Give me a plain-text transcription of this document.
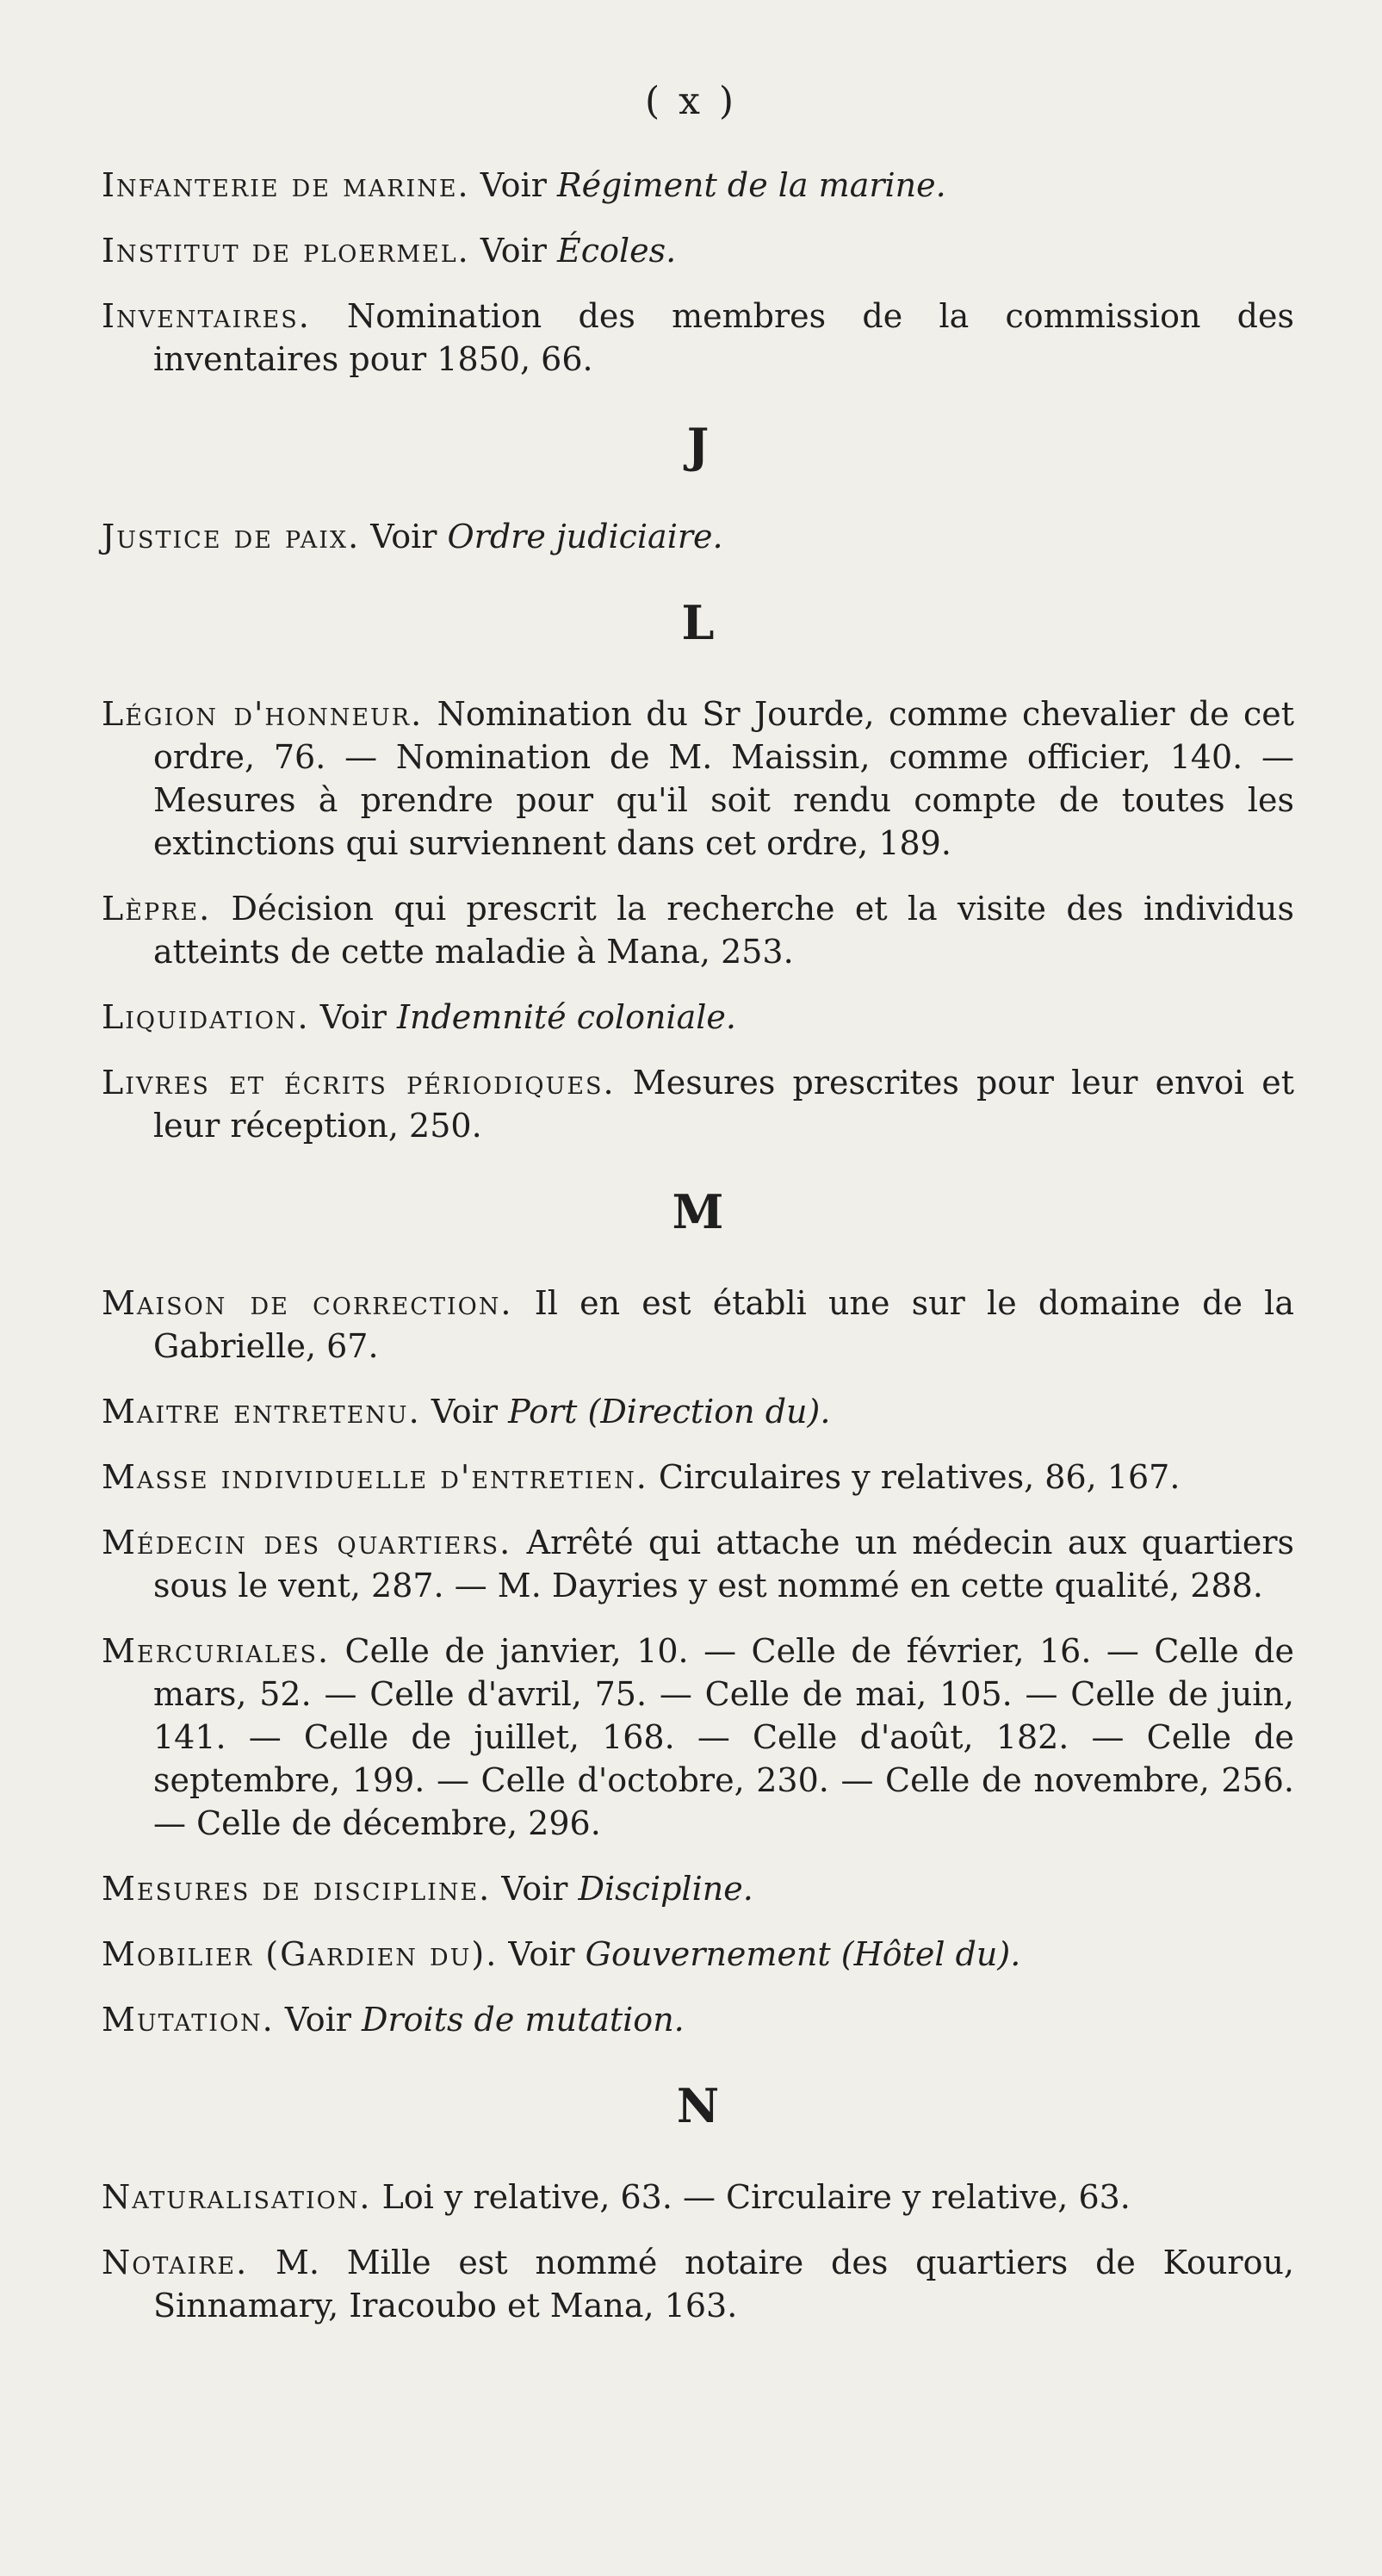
( x )

Infanterie de marine. Voir Régiment de la marine.

Institut de ploermel. Voir Écoles.

Inventaires. Nomination des membres de la commission des inventaires pour 1850, 66.

J

Justice de paix. Voir Ordre judiciaire.

L

Légion d'honneur. Nomination du Sr Jourde, comme chevalier de cet ordre, 76. — Nomination de M. Maissin, comme officier, 140. — Mesures à prendre pour qu'il soit rendu compte de toutes les extinctions qui surviennent dans cet ordre, 189.

Lèpre. Décision qui prescrit la recherche et la visite des individus atteints de cette maladie à Mana, 253.

Liquidation. Voir Indemnité coloniale.

Livres et écrits périodiques. Mesures prescrites pour leur envoi et leur réception, 250.

M

Maison de correction. Il en est établi une sur le domaine de la Gabrielle, 67.

Maitre entretenu. Voir Port (Direction du).

Masse individuelle d'entretien. Circulaires y relatives, 86, 167.

Médecin des quartiers. Arrêté qui attache un médecin aux quartiers sous le vent, 287. — M. Dayries y est nommé en cette qualité, 288.

Mercuriales. Celle de janvier, 10. — Celle de février, 16. — Celle de mars, 52. — Celle d'avril, 75. — Celle de mai, 105. — Celle de juin, 141. — Celle de juillet, 168. — Celle d'août, 182. — Celle de septembre, 199. — Celle d'octobre, 230. — Celle de novembre, 256. — Celle de décembre, 296.

Mesures de discipline. Voir Discipline.

Mobilier (Gardien du). Voir Gouvernement (Hôtel du).

Mutation. Voir Droits de mutation.

N

Naturalisation. Loi y relative, 63. — Circulaire y relative, 63.

Notaire. M. Mille est nommé notaire des quartiers de Kourou, Sinnamary, Iracoubo et Mana, 163.
